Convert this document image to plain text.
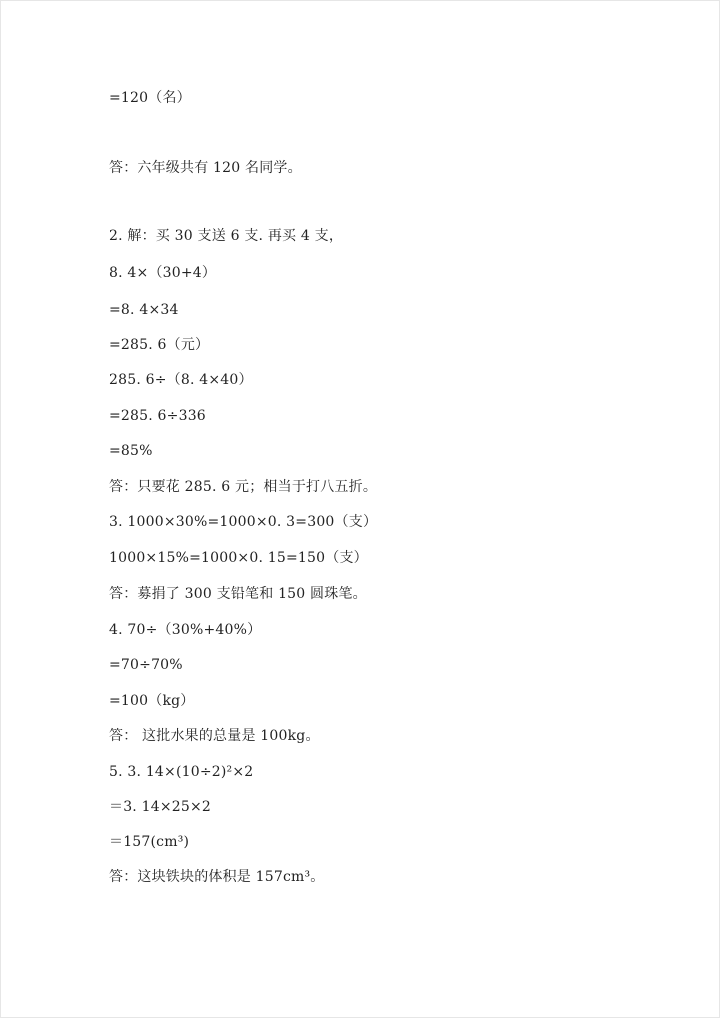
=120（名）
答：六年级共有 120 名同学。
2. 解：买 30 支送 6 支. 再买 4 支，
8. 4×（30+4）
=8. 4×34
=285. 6（元）
285. 6÷（8. 4×40）
=285. 6÷336
=85%
答：只要花 285. 6 元；相当于打八五折。
3. 1000×30%=1000×0. 3=300（支）
1000×15%=1000×0. 15=150（支）
答：募捐了 300 支铅笔和 150 圆珠笔。
4. 70÷（30%+40%）
=70÷70%
=100（kg）
答： 这批水果的总量是 100kg。
5. 3. 14×(10÷2)²×2
＝3. 14×25×2
＝157(cm³)
答：这块铁块的体积是 157cm³。
